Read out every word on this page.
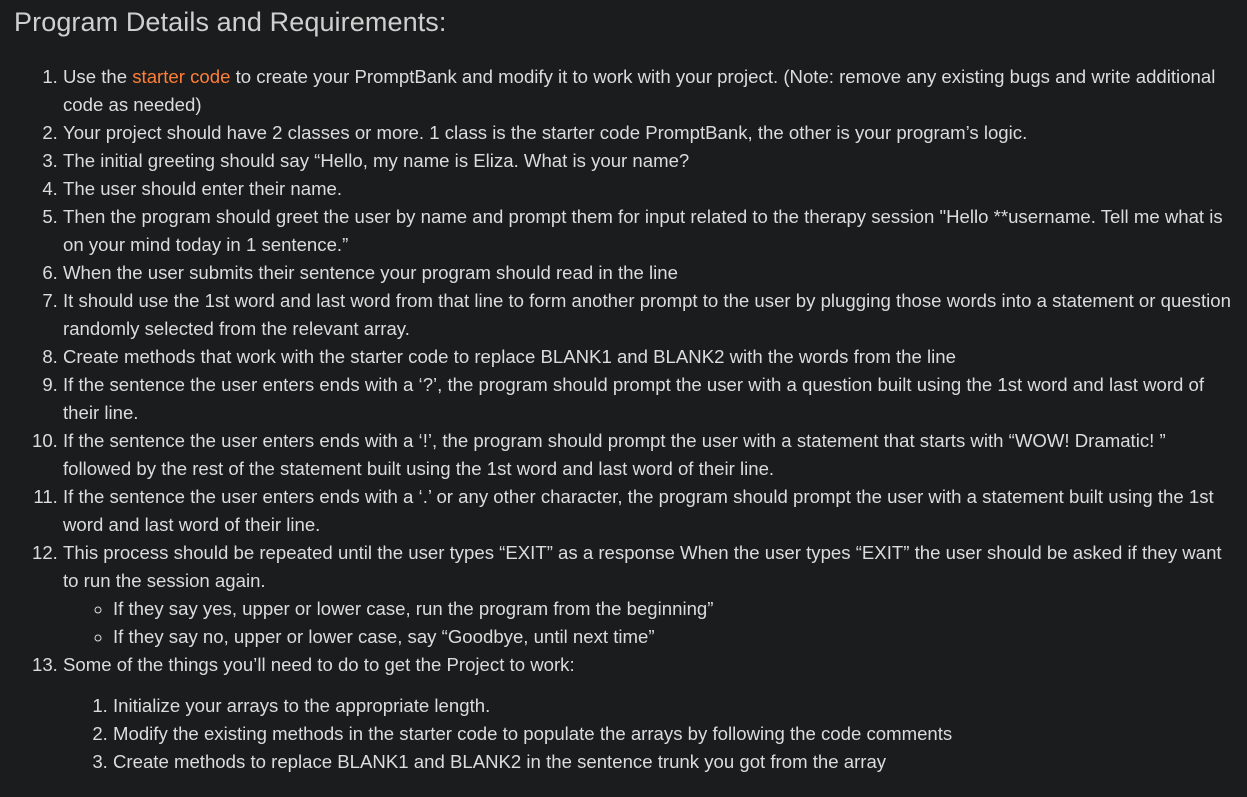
Program Details and Requirements:
1. Use the starter code to create your PromptBank and modify it to work with your project. (Note: remove any existing bugs and write additional code as needed)
2. Your project should have 2 classes or more. 1 class is the starter code PromptBank, the other is your program’s logic.
3. The initial greeting should say “Hello, my name is Eliza. What is your name?
4. The user should enter their name.
5. Then the program should greet the user by name and prompt them for input related to the therapy session "Hello **username. Tell me what is on your mind today in 1 sentence.”
6. When the user submits their sentence your program should read in the line
7. It should use the 1st word and last word from that line to form another prompt to the user by plugging those words into a statement or question randomly selected from the relevant array.
8. Create methods that work with the starter code to replace BLANK1 and BLANK2 with the words from the line
9. If the sentence the user enters ends with a ‘?’, the program should prompt the user with a question built using the 1st word and last word of their line.
10. If the sentence the user enters ends with a ‘!’, the program should prompt the user with a statement that starts with “WOW! Dramatic! ” followed by the rest of the statement built using the 1st word and last word of their line.
11. If the sentence the user enters ends with a ‘.’ or any other character, the program should prompt the user with a statement built using the 1st word and last word of their line.
12. This process should be repeated until the user types “EXIT” as a response When the user types “EXIT” the user should be asked if they want to run the session again.
◦ If they say yes, upper or lower case, run the program from the beginning”
◦ If they say no, upper or lower case, say “Goodbye, until next time”
13. Some of the things you’ll need to do to get the Project to work:
1. Initialize your arrays to the appropriate length.
2. Modify the existing methods in the starter code to populate the arrays by following the code comments
3. Create methods to replace BLANK1 and BLANK2 in the sentence trunk you got from the array
